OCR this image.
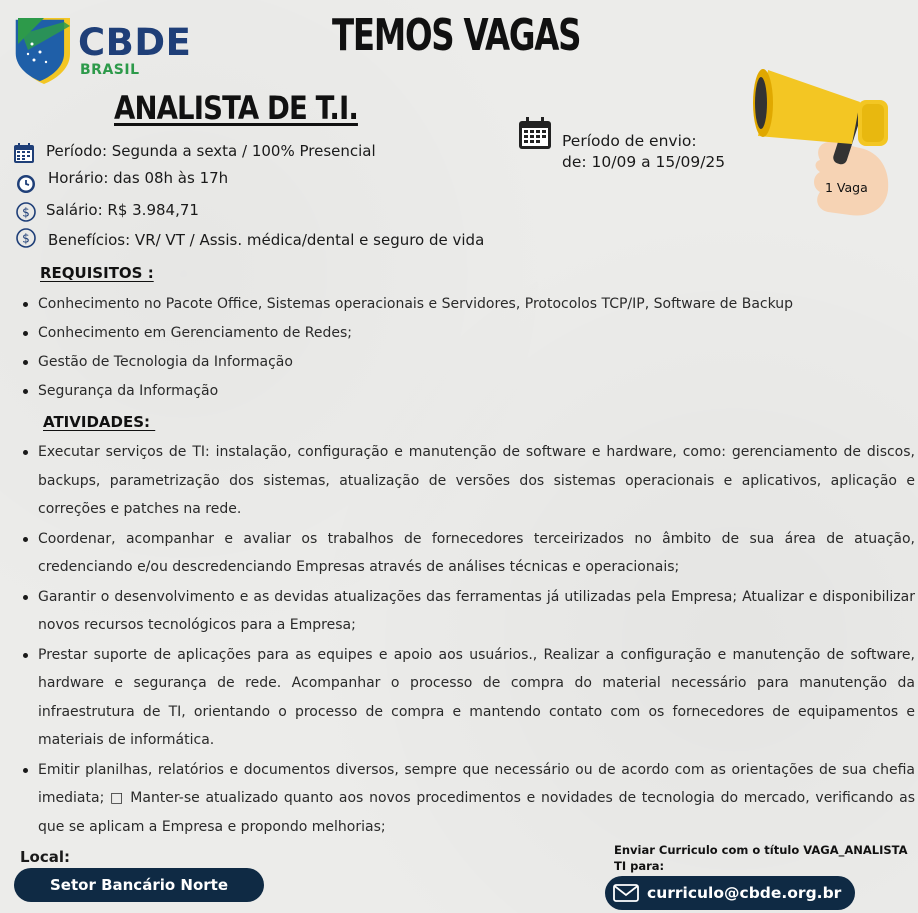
CBDE
BRASIL
TEMOS VAGAS
ANALISTA DE T.I.
1 Vaga
Período: Segunda a sexta / 100% Presencial
Horário: das 08h às 17h
$ Salário: R$ 3.984,71
$ Benefícios: VR/ VT / Assis. médica/dental e seguro de vida
Período de envio:
de: 10/09 a 15/09/25
REQUISITOS :
Conhecimento no Pacote Office, Sistemas operacionais e Servidores, Protocolos TCP/IP, Software de Backup
Conhecimento em Gerenciamento de Redes;
Gestão de Tecnologia da Informação
Segurança da Informação
ATIVIDADES:
Executar serviços de TI: instalação, configuração e manutenção de software e hardware, como: gerenciamento de discos, backups, parametrização dos sistemas, atualização de versões dos sistemas operacionais e aplicativos, aplicação e correções e patches na rede.
Coordenar, acompanhar e avaliar os trabalhos de fornecedores terceirizados no âmbito de sua área de atuação, credenciando e/ou descredenciando Empresas através de análises técnicas e operacionais;
Garantir o desenvolvimento e as devidas atualizações das ferramentas já utilizadas pela Empresa; Atualizar e disponibilizar novos recursos tecnológicos para a Empresa;
Prestar suporte de aplicações para as equipes e apoio aos usuários., Realizar a configuração e manutenção de software, hardware e segurança de rede. Acompanhar o processo de compra do material necessário para manutenção da infraestrutura de TI, orientando o processo de compra e mantendo contato com os fornecedores de equipamentos e materiais de informática.
Emitir planilhas, relatórios e documentos diversos, sempre que necessário ou de acordo com as orientações de sua chefia imediata; □ Manter-se atualizado quanto aos novos procedimentos e novidades de tecnologia do mercado, verificando as que se aplicam a Empresa e propondo melhorias;
Local:
Setor Bancário Norte
Enviar Curriculo com o título VAGA_ANALISTA TI para:
curriculo@cbde.org.br
